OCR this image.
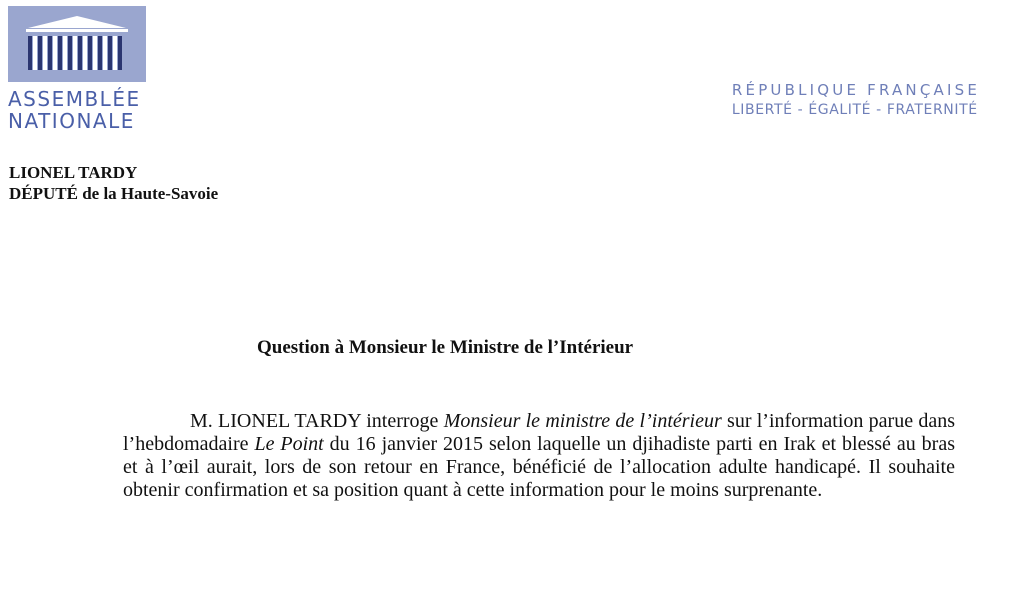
ASSEMBLÉE
NATIONALE
RÉPUBLIQUE FRANÇAISE
LIBERTÉ - ÉGALITÉ - FRATERNITÉ
LIONEL TARDY
DÉPUTÉ de la Haute-Savoie
Question à Monsieur le Ministre de l’Intérieur

M. LIONEL TARDY interroge Monsieur le ministre de l’intérieur sur l’information parue dans l’hebdomadaire Le Point du 16 janvier 2015 selon laquelle un djihadiste parti en Irak et blessé au bras et à l’œil aurait, lors de son retour en France, bénéficié de l’allocation adulte handicapé. Il souhaite obtenir confirmation et sa position quant à cette information pour le moins surprenante.
